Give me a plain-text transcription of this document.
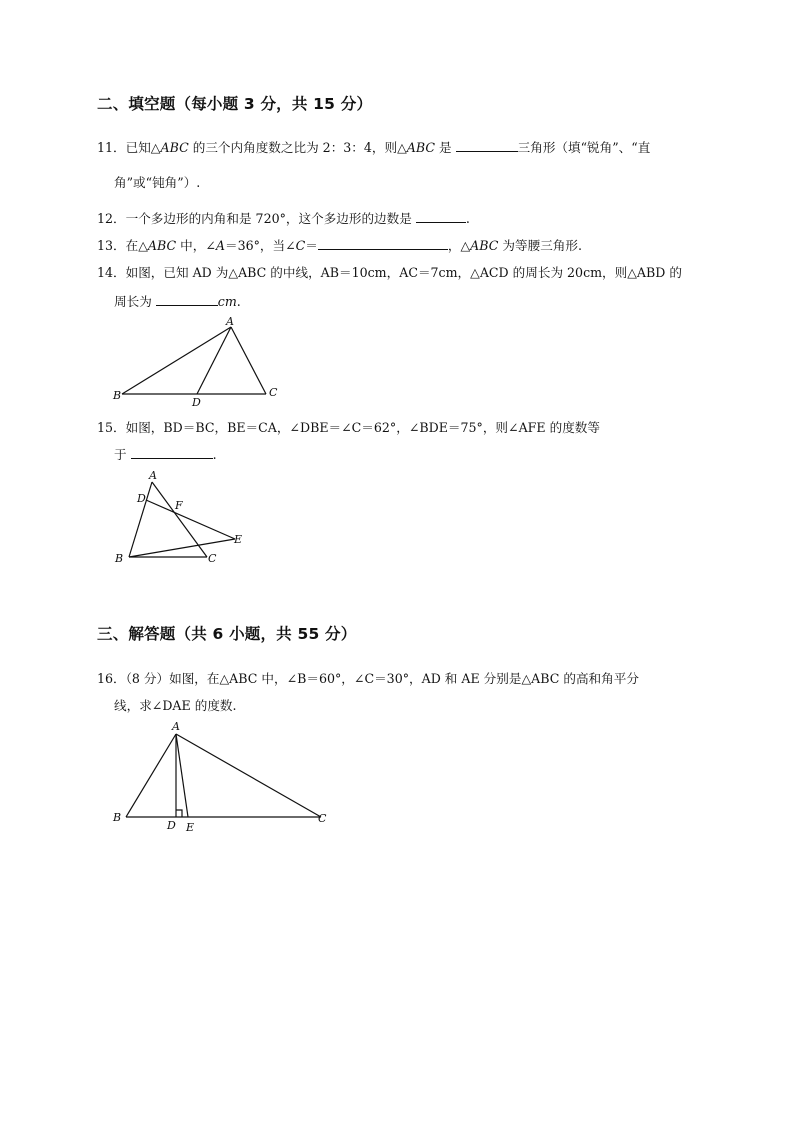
二、填空题（每小题 3 分，共 15 分）
11．已知△ABC 的三个内角度数之比为 2：3：4，则△ABC 是	三角形（填“锐角”、“直
角”或“钝角”）.
12．一个多边形的内角和是 720°，这个多边形的边数是	.
13．在△ABC 中，∠A＝36°，当∠C＝	，△ABC 为等腰三角形.
14．如图，已知 AD 为△ABC 的中线，AB＝10cm，AC＝7cm，△ACD 的周长为 20cm，则△ABD 的
周长为	cm.
A
B	C
D
15．如图，BD＝BC，BE＝CA，∠DBE＝∠C＝62°，∠BDE＝75°，则∠AFE 的度数等
于	.
A
D
F
E
B	C
三、解答题（共 6 小题，共 55 分）
16．（8 分）如图，在△ABC 中，∠B＝60°，∠C＝30°，AD 和 AE 分别是△ABC 的高和角平分
线，求∠DAE 的度数.
A
B
D E
C
